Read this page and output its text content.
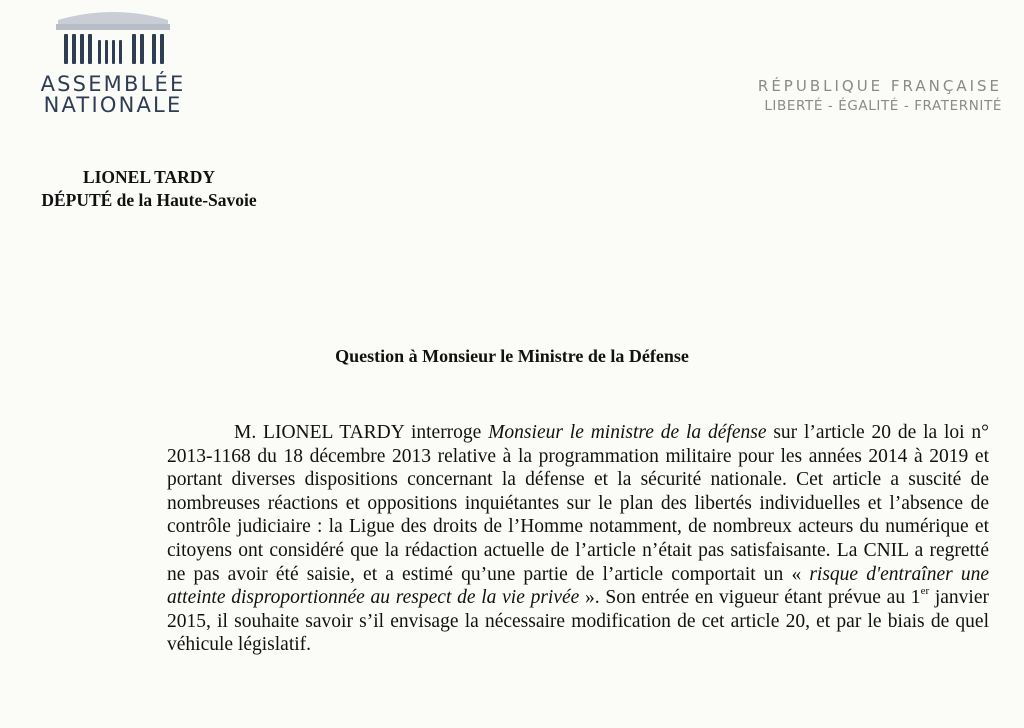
ASSEMBLÉE
NATIONALE
RÉPUBLIQUE FRANÇAISE
LIBERTÉ - ÉGALITÉ - FRATERNITÉ
LIONEL TARDY
DÉPUTÉ de la Haute-Savoie
Question à Monsieur le Ministre de la Défense

M. LIONEL TARDY interroge Monsieur le ministre de la défense sur l’article 20 de la loi n° 2013-1168 du 18 décembre 2013 relative à la programmation militaire pour les années 2014 à 2019 et portant diverses dispositions concernant la défense et la sécurité nationale. Cet article a suscité de nombreuses réactions et oppositions inquiétantes sur le plan des libertés individuelles et l’absence de contrôle judiciaire : la Ligue des droits de l’Homme notamment, de nombreux acteurs du numérique et citoyens ont considéré que la rédaction actuelle de l’article n’était pas satisfaisante. La CNIL a regretté ne pas avoir été saisie, et a estimé qu’une partie de l’article comportait un « risque d'entraîner une atteinte disproportionnée au respect de la vie privée ». Son entrée en vigueur étant prévue au 1er janvier 2015, il souhaite savoir s’il envisage la nécessaire modification de cet article 20, et par le biais de quel véhicule législatif.
